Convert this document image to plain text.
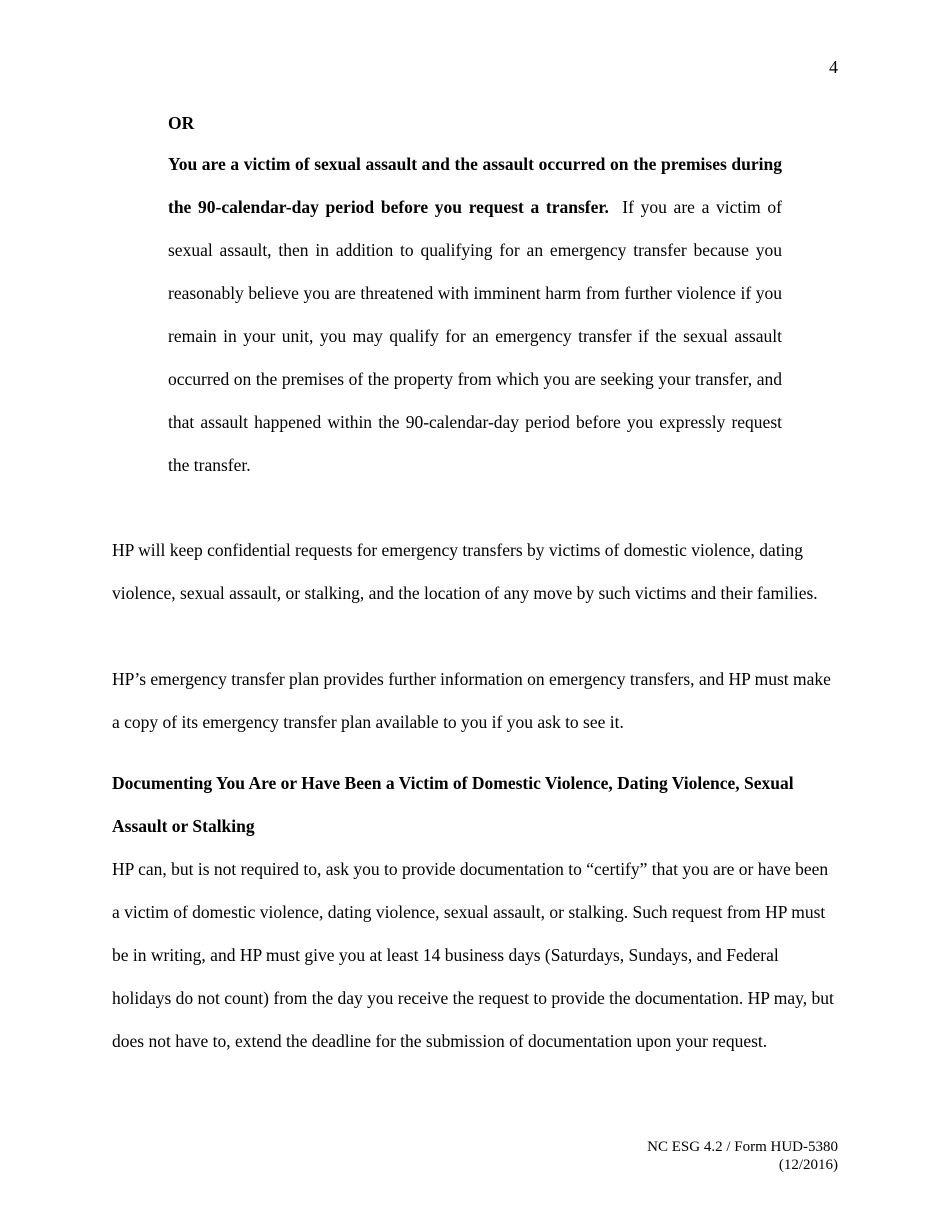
4
OR

You are a victim of sexual assault and the assault occurred on the premises during the 90-calendar-day period before you request a transfer. If you are a victim of sexual assault, then in addition to qualifying for an emergency transfer because you reasonably believe you are threatened with imminent harm from further violence if you remain in your unit, you may qualify for an emergency transfer if the sexual assault occurred on the premises of the property from which you are seeking your transfer, and that assault happened within the 90-calendar-day period before you expressly request the transfer.

HP will keep confidential requests for emergency transfers by victims of domestic violence, dating violence, sexual assault, or stalking, and the location of any move by such victims and their families.

HP’s emergency transfer plan provides further information on emergency transfers, and HP must make a copy of its emergency transfer plan available to you if you ask to see it.

Documenting You Are or Have Been a Victim of Domestic Violence, Dating Violence, Sexual Assault or Stalking

HP can, but is not required to, ask you to provide documentation to “certify” that you are or have been a victim of domestic violence, dating violence, sexual assault, or stalking. Such request from HP must be in writing, and HP must give you at least 14 business days (Saturdays, Sundays, and Federal holidays do not count) from the day you receive the request to provide the documentation. HP may, but does not have to, extend the deadline for the submission of documentation upon your request.

NC ESG 4.2 / Form HUD-5380
(12/2016)
